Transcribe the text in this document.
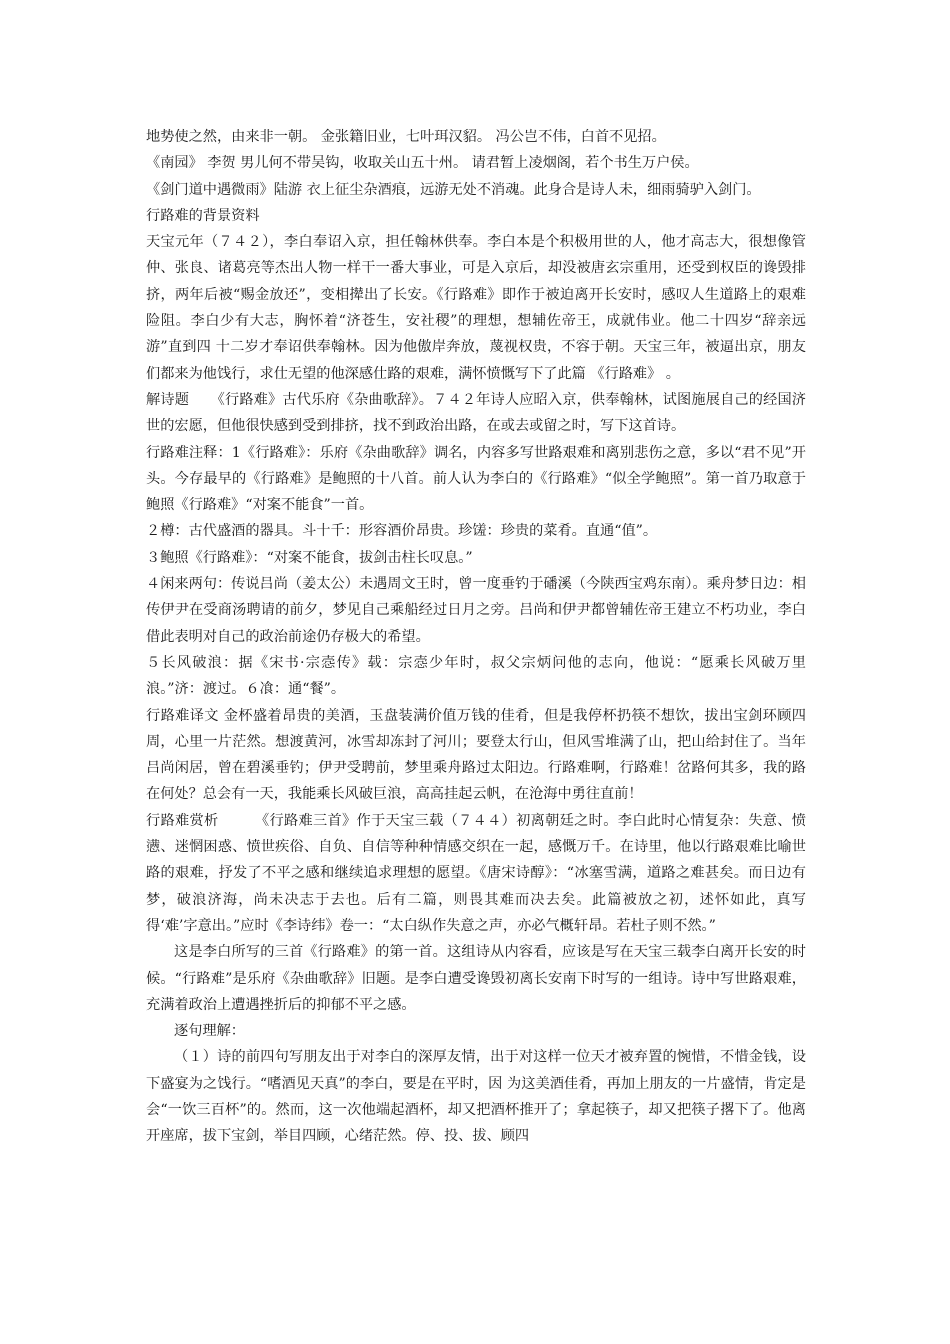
地势使之然，由来非一朝。 金张籍旧业，七叶珥汉貂。 冯公岂不伟，白首不见招。

《南园》 李贺 男儿何不带吴钩，收取关山五十州。 请君暂上凌烟阁，若个书生万户侯。

《剑门道中遇微雨》陆游 衣上征尘杂酒痕，远游无处不消魂。此身合是诗人未，细雨骑驴入剑门。

行路难的背景资料

天宝元年（７４２），李白奉诏入京，担任翰林供奉。李白本是个积极用世的人，他才高志大，很想像管仲、张良、诸葛亮等杰出人物一样干一番大事业，可是入京后，却没被唐玄宗重用，还受到权臣的谗毁排挤，两年后被“赐金放还”，变相撵出了长安。《行路难》即作于被迫离开长安时，感叹人生道路上的艰难险阻。李白少有大志，胸怀着“济苍生，安社稷”的理想，想辅佐帝王，成就伟业。他二十四岁“辞亲远游”直到四 十二岁才奉诏供奉翰林。因为他傲岸奔放，蔑视权贵，不容于朝。天宝三年，被逼出京，朋友们都来为他饯行，求仕无望的他深感仕路的艰难，满怀愤慨写下了此篇 《行路难》 。

解诗题　　《行路难》古代乐府《杂曲歌辞》。７４２年诗人应昭入京，供奉翰林，试图施展自己的经国济世的宏愿，但他很快感到受到排挤，找不到政治出路，在或去或留之时，写下这首诗。

行路难注释：1《行路难》：乐府《杂曲歌辞》调名，内容多写世路艰难和离别悲伤之意，多以“君不见”开头。今存最早的《行路难》是鲍照的十八首。前人认为李白的《行路难》“似全学鲍照”。第一首乃取意于鲍照《行路难》“对案不能食”一首。

２樽：古代盛酒的器具。斗十千：形容酒价昂贵。珍馐：珍贵的菜肴。直通“值”。

３鲍照《行路难》：“对案不能食，拔剑击柱长叹息。”

４闲来两句：传说吕尚（姜太公）未遇周文王时，曾一度垂钓于磻溪（今陕西宝鸡东南）。乘舟梦日边：相传伊尹在受商汤聘请的前夕，梦见自己乘船经过日月之旁。吕尚和伊尹都曾辅佐帝王建立不朽功业，李白借此表明对自己的政治前途仍存极大的希望。

５长风破浪：据《宋书·宗悫传》载：宗悫少年时，叔父宗炳问他的志向，他说：“愿乘长风破万里浪。”济：渡过。６飡：通“餐”。

行路难译文 金杯盛着昂贵的美酒，玉盘装满价值万钱的佳肴，但是我停杯扔筷不想饮，拔出宝剑环顾四周，心里一片茫然。想渡黄河，冰雪却冻封了河川；要登太行山，但风雪堆满了山，把山给封住了。当年吕尚闲居，曾在碧溪垂钓；伊尹受聘前，梦里乘舟路过太阳边。行路难啊，行路难！岔路何其多，我的路在何处？总会有一天，我能乘长风破巨浪，高高挂起云帆，在沧海中勇往直前！

行路难赏析　　　《行路难三首》作于天宝三载（７４４）初离朝廷之时。李白此时心情复杂：失意、愤懑、迷惘困惑、愤世疾俗、自负、自信等种种情感交织在一起，感慨万千。在诗里，他以行路艰难比喻世路的艰难，抒发了不平之感和继续追求理想的愿望。《唐宋诗醇》：“冰塞雪满，道路之难甚矣。而日边有梦，破浪济海，尚未决志于去也。后有二篇，则畏其难而决去矣。此篇被放之初，述怀如此，真写得‘难’字意出。”应时《李诗纬》卷一：“太白纵作失意之声，亦必气概轩昂。若杜子则不然。”

这是李白所写的三首《行路难》的第一首。这组诗从内容看，应该是写在天宝三载李白离开长安的时候。“行路难”是乐府《杂曲歌辞》旧题。是李白遭受谗毁初离长安南下时写的一组诗。诗中写世路艰难，充满着政治上遭遇挫折后的抑郁不平之感。

逐句理解：

（１）诗的前四句写朋友出于对李白的深厚友情，出于对这样一位天才被弃置的惋惜，不惜金钱，设下盛宴为之饯行。“嗜酒见天真”的李白，要是在平时，因 为这美酒佳肴，再加上朋友的一片盛情，肯定是会“一饮三百杯”的。然而，这一次他端起酒杯，却又把酒杯推开了；拿起筷子，却又把筷子撂下了。他离开座席，拔下宝剑，举目四顾，心绪茫然。停、投、拔、顾四
